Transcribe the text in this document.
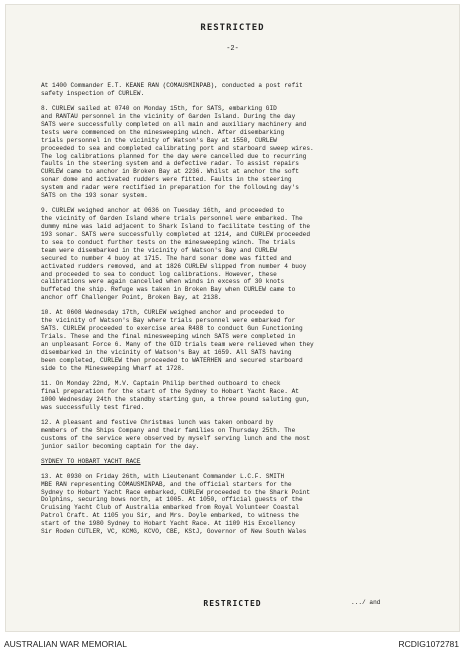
RESTRICTED
-2-

At 1400 Commander E.T. KEANE RAN (COMAUSMINPAB), conducted a post refit
safety inspection of CURLEW.

8. CURLEW sailed at 0740 on Monday 15th, for SATS, embarking GID
and RANTAU personnel in the vicinity of Garden Island. During the day
SATS were successfully completed on all main and auxiliary machinery and
tests were commenced on the minesweeping winch. After disembarking
trials personnel in the vicinity of Watson's Bay at 1550, CURLEW
proceeded to sea and completed calibrating port and starboard sweep wires.
The log calibrations planned for the day were cancelled due to recurring
faults in the steering system and a defective radar. To assist repairs
CURLEW came to anchor in Broken Bay at 2236. Whilst at anchor the soft
sonar dome and activated rudders were fitted. Faults in the steering
system and radar were rectified in preparation for the following day's
SATS on the 193 sonar system.

9. CURLEW weighed anchor at 0636 on Tuesday 16th, and proceeded to
the vicinity of Garden Island where trials personnel were embarked. The
dummy mine was laid adjacent to Shark Island to facilitate testing of the
193 sonar. SATS were successfully completed at 1214, and CURLEW proceeded
to sea to conduct further tests on the minesweeping winch. The trials
team were disembarked in the vicinity of Watson's Bay and CURLEW
secured to number 4 buoy at 1715. The hard sonar dome was fitted and
activated rudders removed, and at 1826 CURLEW slipped from number 4 buoy
and proceeded to sea to conduct log calibrations. However, these
calibrations were again cancelled when winds in excess of 30 knots
buffeted the ship. Refuge was taken in Broken Bay when CURLEW came to
anchor off Challenger Point, Broken Bay, at 2138.

10. At 0608 Wednesday 17th, CURLEW weighed anchor and proceeded to
the vicinity of Watson's Bay where trials personnel were embarked for
SATS. CURLEW proceeded to exercise area R488 to conduct Gun Functioning
Trials. These and the final minesweeping winch SATS were completed in
an unpleasant Force 6. Many of the GID trials team were relieved when they
disembarked in the vicinity of Watson's Bay at 1659. All SATS having
been completed, CURLEW then proceeded to WATERHEN and secured starboard
side to the Minesweeping Wharf at 1728.

11. On Monday 22nd, M.V. Captain Philip berthed outboard to check
final preparation for the start of the Sydney to Hobart Yacht Race. At
1000 Wednesday 24th the standby starting gun, a three pound saluting gun,
was successfully test fired.

12. A pleasant and festive Christmas lunch was taken onboard by
members of the Ships Company and their families on Thursday 25th. The
customs of the service were observed by myself serving lunch and the most
junior sailor becoming captain for the day.

SYDNEY TO HOBART YACHT RACE

13. At 0930 on Friday 26th, with Lieutenant Commander L.C.F. SMITH
MBE RAN representing COMAUSMINPAB, and the official starters for the
Sydney to Hobart Yacht Race embarked, CURLEW proceeded to the Shark Point
Dolphins, securing bows north, at 1005. At 1050, official guests of the
Cruising Yacht Club of Australia embarked from Royal Volunteer Coastal
Patrol Craft. At 1105 you Sir, and Mrs. Doyle embarked, to witness the
start of the 1980 Sydney to Hobart Yacht Race. At 1109 His Excellency
Sir Roden CUTLER, VC, KCMG, KCVO, CBE, KStJ, Governor of New South Wales

RESTRICTED	.../ and
AUSTRALIAN WAR MEMORIAL	RCDIG1072781
